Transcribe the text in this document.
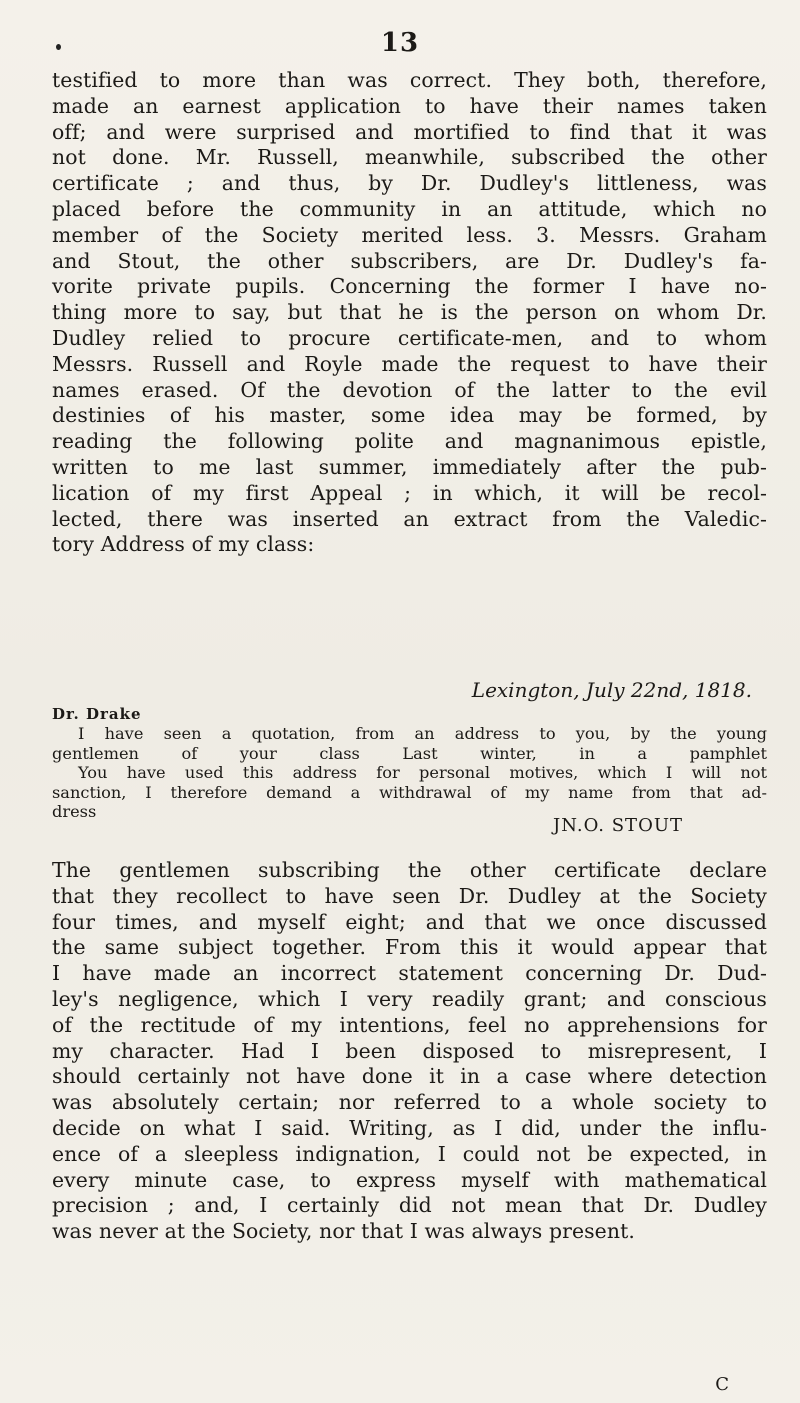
13
testified to more than was correct. They both, therefore,
made an earnest application to have their names taken
off; and were surprised and mortified to find that it was
not done. Mr. Russell, meanwhile, subscribed the other
certificate ; and thus, by Dr. Dudley's littleness, was
placed before the community in an attitude, which no
member of the Society merited less. 3. Messrs. Graham
and Stout, the other subscribers, are Dr. Dudley's fa-
vorite private pupils. Concerning the former I have no-
thing more to say, but that he is the person on whom Dr.
Dudley relied to procure certificate-men, and to whom
Messrs. Russell and Royle made the request to have their
names erased. Of the devotion of the latter to the evil
destinies of his master, some idea may be formed, by
reading the following polite and magnanimous epistle,
written to me last summer, immediately after the pub-
lication of my first Appeal ; in which, it will be recol-
lected, there was inserted an extract from the Valedic-
tory Address of my class:
Lexington, July 22nd, 1818.
Dr. Drake
I have seen a quotation, from an address to you, by the young
gentlemen of your class Last winter, in a pamphlet
You have used this address for personal motives, which I will not
sanction, I therefore demand a withdrawal of my name from that ad-
dress
JN.O. STOUT
The gentlemen subscribing the other certificate declare
that they recollect to have seen Dr. Dudley at the Society
four times, and myself eight; and that we once discussed
the same subject together. From this it would appear that
I have made an incorrect statement concerning Dr. Dud-
ley's negligence, which I very readily grant; and conscious
of the rectitude of my intentions, feel no apprehensions for
my character. Had I been disposed to misrepresent, I
should certainly not have done it in a case where detection
was absolutely certain; nor referred to a whole society to
decide on what I said. Writing, as I did, under the influ-
ence of a sleepless indignation, I could not be expected, in
every minute case, to express myself with mathematical
precision ; and, I certainly did not mean that Dr. Dudley
was never at the Society, nor that I was always present.
C
